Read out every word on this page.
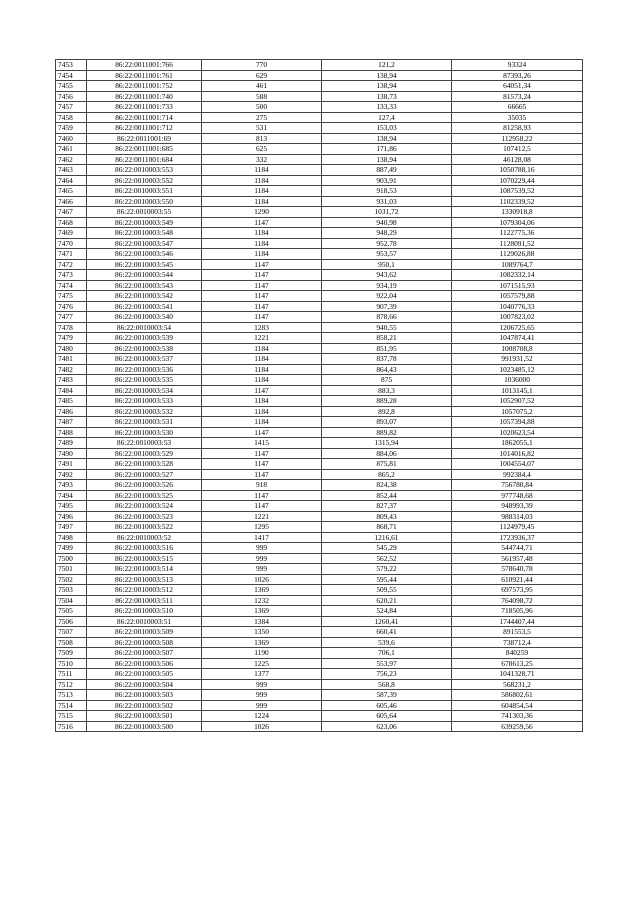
7453	86:22:0011001:766	770	121,2	93324
7454	86:22:0011001:761	629	138,94	87393,26
7455	86:22:0011001:752	461	138,94	64051,34
7456	86:22:0011001:740	588	138,73	81573,24
7457	86:22:0011001:733	500	133,33	66665
7458	86:22:0011001:714	275	127,4	35035
7459	86:22:0011001:712	531	153,03	81258,93
7460	86:22:0011001:69	813	138,94	112958,22
7461	86:22:0011001:685	625	171,86	107412,5
7462	86:22:0011001:684	332	138,94	46128,08
7463	86:22:0010003:553	1184	887,49	1050788,16
7464	86:22:0010003:552	1184	903,91	1070229,44
7465	86:22:0010003:551	1184	918,53	1087539,52
7466	86:22:0010003:550	1184	931,03	1102339,52
7467	86:22:0010003:55	1290	1031,72	1330918,8
7468	86:22:0010003:549	1147	940,98	1079304,06
7469	86:22:0010003:548	1184	948,29	1122775,36
7470	86:22:0010003:547	1184	952,78	1128091,52
7471	86:22:0010003:546	1184	953,57	1129026,88
7472	86:22:0010003:545	1147	950,1	1089764,7
7473	86:22:0010003:544	1147	943,62	1082332,14
7474	86:22:0010003:543	1147	934,19	1071515,93
7475	86:22:0010003:542	1147	922,04	1057579,88
7476	86:22:0010003:541	1147	907,39	1040776,33
7477	86:22:0010003:540	1147	878,66	1007823,02
7478	86:22:0010003:54	1283	940,55	1206725,65
7479	86:22:0010003:539	1221	858,21	1047874,41
7480	86:22:0010003:538	1184	851,95	1008708,8
7481	86:22:0010003:537	1184	837,78	991931,52
7482	86:22:0010003:536	1184	864,43	1023485,12
7483	86:22:0010003:535	1184	875	1036000
7484	86:22:0010003:534	1147	883,3	1013145,1
7485	86:22:0010003:533	1184	889,28	1052907,52
7486	86:22:0010003:532	1184	892,8	1057075,2
7487	86:22:0010003:531	1184	893,07	1057394,88
7488	86:22:0010003:530	1147	889,82	1020623,54
7489	86:22:0010003:53	1415	1315,94	1862055,1
7490	86:22:0010003:529	1147	884,06	1014016,82
7491	86:22:0010003:528	1147	875,81	1004554,07
7492	86:22:0010003:527	1147	865,2	992384,4
7493	86:22:0010003:526	918	824,38	756780,84
7494	86:22:0010003:525	1147	852,44	977748,68
7495	86:22:0010003:524	1147	827,37	948993,39
7496	86:22:0010003:523	1221	809,43	988314,03
7497	86:22:0010003:522	1295	868,71	1124979,45
7498	86:22:0010003:52	1417	1216,61	1723936,37
7499	86:22:0010003:516	999	545,29	544744,71
7500	86:22:0010003:515	999	562,52	561957,48
7501	86:22:0010003:514	999	579,22	578640,78
7502	86:22:0010003:513	1026	595,44	610921,44
7503	86:22:0010003:512	1369	509,55	697573,95
7504	86:22:0010003:511	1232	620,21	764098,72
7505	86:22:0010003:510	1369	524,84	718505,96
7506	86:22:0010003:51	1384	1260,41	1744407,44
7507	86:22:0010003:509	1350	660,41	891553,5
7508	86:22:0010003:508	1369	539,6	738712,4
7509	86:22:0010003:507	1190	706,1	840259
7510	86:22:0010003:506	1225	553,97	678613,25
7511	86:22:0010003:505	1377	756,23	1041328,71
7512	86:22:0010003:504	999	568,8	568231,2
7513	86:22:0010003:503	999	587,39	586802,61
7514	86:22:0010003:502	999	605,46	604854,54
7515	86:22:0010003:501	1224	605,64	741303,36
7516	86:22:0010003:500	1026	623,06	639259,56
